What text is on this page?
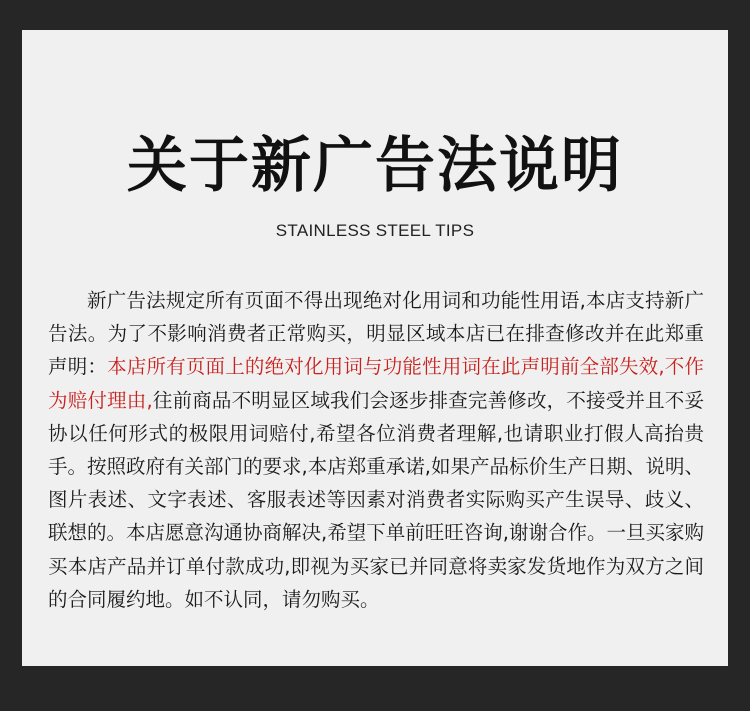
关于新广告法说明
STAINLESS STEEL TIPS

新广告法规定所有页面不得出现绝对化用词和功能性用语,本店支持新广告法。为了不影响消费者正常购买，明显区域本店已在排查修改并在此郑重声明：本店所有页面上的绝对化用词与功能性用词在此声明前全部失效,不作为赔付理由,往前商品不明显区域我们会逐步排查完善修改，不接受并且不妥协以任何形式的极限用词赔付,希望各位消费者理解,也请职业打假人高抬贵手。按照政府有关部门的要求,本店郑重承诺,如果产品标价生产日期、说明、图片表述、文字表述、客服表述等因素对消费者实际购买产生误导、歧义、联想的。本店愿意沟通协商解决,希望下单前旺旺咨询,谢谢合作。一旦买家购买本店产品并订单付款成功,即视为买家已并同意将卖家发货地作为双方之间的合同履约地。如不认同，请勿购买。
